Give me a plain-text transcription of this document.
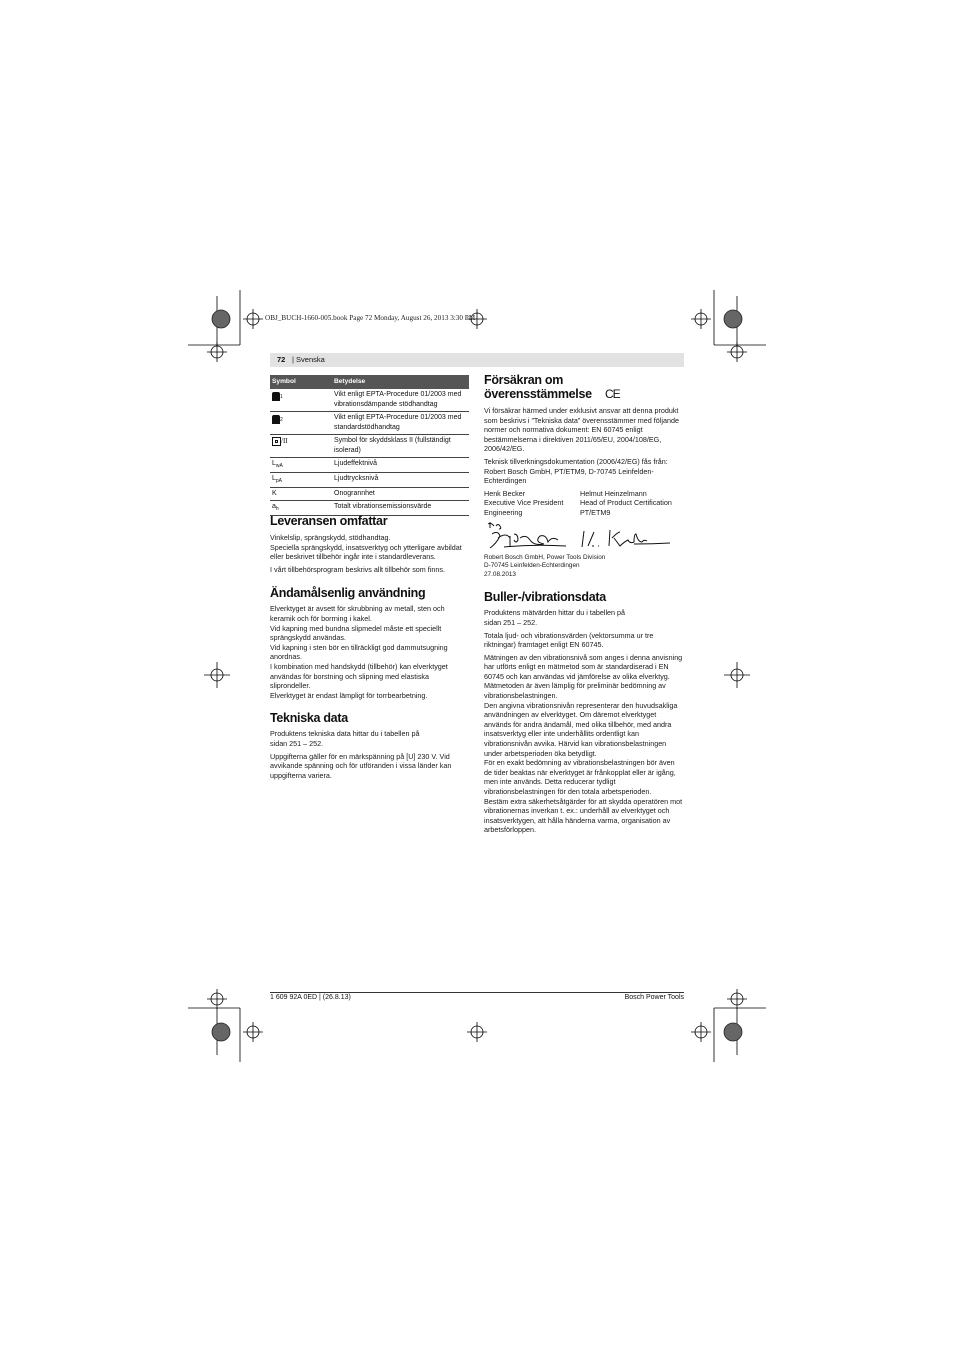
OBJ_BUCH-1660-005.book Page 72 Monday, August 26, 2013 3:30 PM
72 | Svenska
Symbol	Betydelse
$_1$	Vikt enligt EPTA-Procedure 01/2003 med vibrationsdämpande stödhandtag
$_2$	Vikt enligt EPTA-Procedure 01/2003 med standardstödhandtag

/II	Symbol för skyddsklass II (fullständigt isolerad)
$L_{wA}$	Ljudeffektnivå
$L_{pA}$	Ljudtrycksnivå
K	Onogrannhet
$a_h$	Totalt vibrationsemissionsvärde
Leveransen omfattar
Vinkelslip, sprängskydd, stödhandtag.
Speciella sprängskydd, insatsverktyg och ytterligare avbildat eller beskrivet tillbehör ingår inte i standardleverans.
I vårt tillbehörsprogram beskrivs allt tillbehör som finns.
Ändamålsenlig användning
Elverktyget är avsett för skrubbning av metall, sten och keramik och för borrning i kakel.
Vid kapning med bundna slipmedel måste ett speciellt sprängskydd användas.
Vid kapning i sten bör en tillräckligt god dammutsugning anordnas.
I kombination med handskydd (tillbehör) kan elverktyget användas för borstning och slipning med elastiska sliprondeller.
Elverktyget är endast lämpligt för torrbearbetning.
Tekniska data
Produktens tekniska data hittar du i tabellen på sidan 251 – 252.
Uppgifterna gäller för en märkspänning på [U] 230 V. Vid avvikande spänning och för utföranden i vissa länder kan uppgifterna variera.
Försäkran om
överensstämmelse CE
Vi försäkrar härmed under exklusivt ansvar att denna produkt som beskrivs i ”Tekniska data” överensstämmer med följande normer och normativa dokument: EN 60745 enligt bestämmelserna i direktiven 2011/65/EU, 2004/108/EG, 2006/42/EG.
Teknisk tillverkningsdokumentation (2006/42/EG) fås från: Robert Bosch GmbH, PT/ETM9, D-70745 Leinfelden-Echterdingen
Henk Becker
Executive Vice President
Engineering
Helmut Heinzelmann
Head of Product Certification
PT/ETM9
Robert Bosch GmbH, Power Tools Division
D-70745 Leinfelden-Echterdingen
27.08.2013
Buller-/vibrationsdata
Produktens mätvärden hittar du i tabellen på sidan 251 – 252.
Totala ljud- och vibrationsvärden (vektorsumma ur tre riktningar) framtaget enligt EN 60745.
Mätningen av den vibrationsnivå som anges i denna anvisning har utförts enligt en mätmetod som är standardiserad i EN 60745 och kan användas vid jämförelse av olika elverktyg. Mätmetoden är även lämplig för preliminär bedömning av vibrationsbelastningen.
Den angivna vibrationsnivån representerar den huvudsakliga användningen av elverktyget. Om däremot elverktyget används för andra ändamål, med olika tillbehör, med andra insatsverktyg eller inte underhållits ordentligt kan vibrationsnivån avvika. Härvid kan vibrationsbelastningen under arbetsperioden öka betydligt.
För en exakt bedömning av vibrationsbelastningen bör även de tider beaktas när elverktyget är frånkopplat eller är igång, men inte används. Detta reducerar tydligt vibrationsbelastningen för den totala arbetsperioden.
Bestäm extra säkerhetsåtgärder för att skydda operatören mot vibrationernas inverkan t. ex.: underhåll av elverktyget och insatsverktygen, att hålla händerna varma, organisation av arbetsförloppen.
1 609 92A 0ED | (26.8.13)	Bosch Power Tools
